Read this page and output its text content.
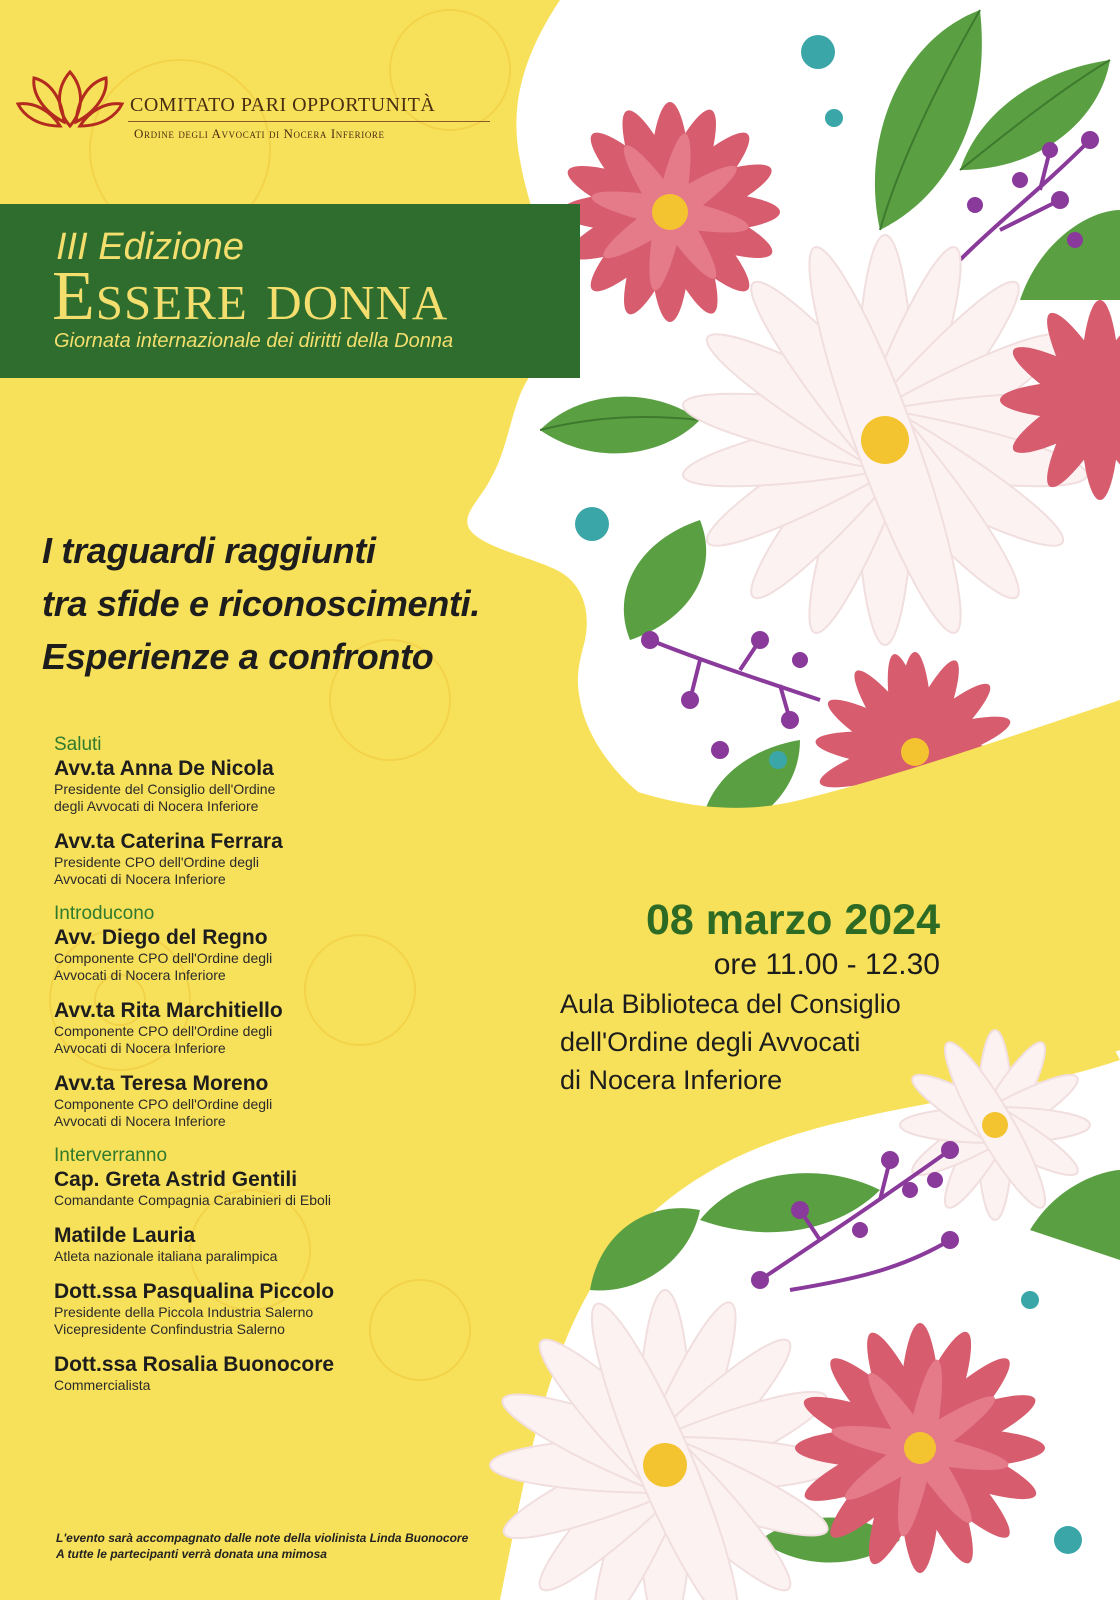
COMITATO PARI OPPORTUNITÀ
Ordine degli Avvocati di Nocera Inferiore
III Edizione
Essere donna
Giornata internazionale dei diritti della Donna
I traguardi raggiunti
tra sfide e riconoscimenti.
Esperienze a confronto
Saluti
Avv.ta Anna De Nicola
Presidente del Consiglio dell'Ordine
degli Avvocati di Nocera Inferiore
Avv.ta Caterina Ferrara
Presidente CPO dell'Ordine degli
Avvocati di Nocera Inferiore
Introducono
Avv. Diego del Regno
Componente CPO dell'Ordine degli
Avvocati di Nocera Inferiore
Avv.ta Rita Marchitiello
Componente CPO dell'Ordine degli
Avvocati di Nocera Inferiore
Avv.ta Teresa Moreno
Componente CPO dell'Ordine degli
Avvocati di Nocera Inferiore
Interverranno
Cap. Greta Astrid Gentili
Comandante Compagnia Carabinieri di Eboli
Matilde Lauria
Atleta nazionale italiana paralimpica
Dott.ssa Pasqualina Piccolo
Presidente della Piccola Industria Salerno
Vicepresidente Confindustria Salerno
Dott.ssa Rosalia Buonocore
Commercialista
08 marzo 2024
ore 11.00 - 12.30
Aula Biblioteca del Consiglio
dell'Ordine degli Avvocati
di Nocera Inferiore
L'evento sarà accompagnato dalle note della violinista Linda Buonocore
A tutte le partecipanti verrà donata una mimosa
